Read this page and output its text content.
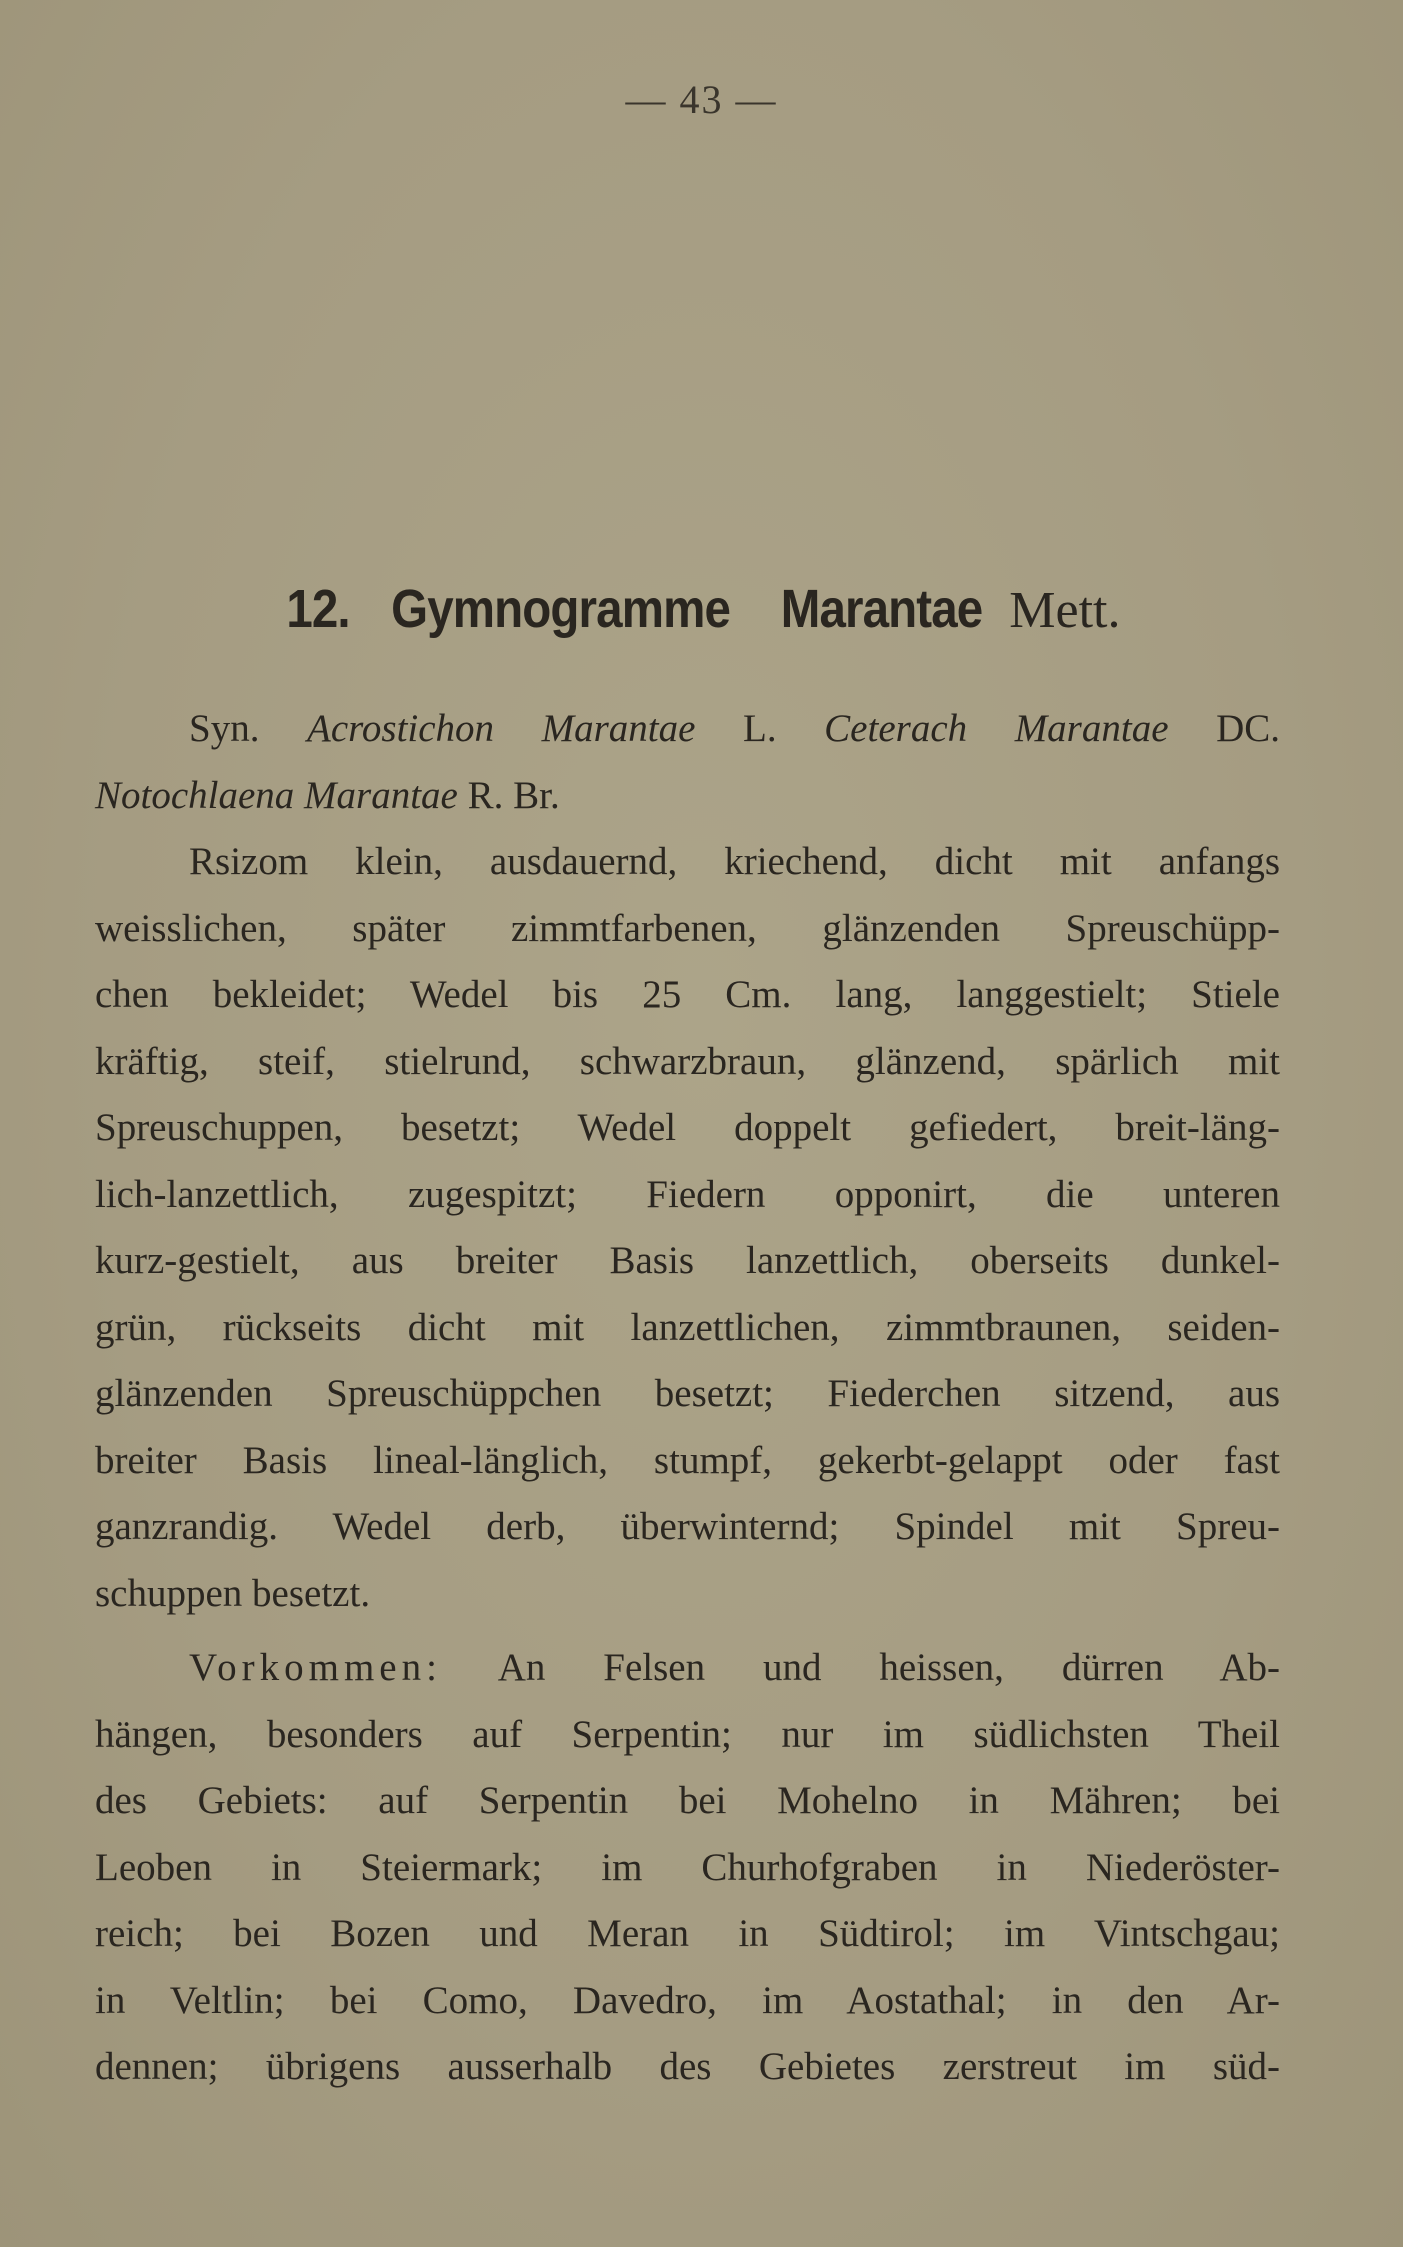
— 43 —
12. Gymnogramme Marantae Mett.
Syn. Acrostichon Marantae L. Ceterach Marantae DC.
Notochlaena Marantae R. Br.
Rsizom klein, ausdauernd, kriechend, dicht mit anfangs
weisslichen, später zimmtfarbenen, glänzenden Spreuschüpp-
chen bekleidet; Wedel bis 25 Cm. lang, langgestielt; Stiele
kräftig, steif, stielrund, schwarzbraun, glänzend, spärlich mit
Spreuschuppen, besetzt; Wedel doppelt gefiedert, breit-läng-
lich-lanzettlich, zugespitzt; Fiedern opponirt, die unteren
kurz-gestielt, aus breiter Basis lanzettlich, oberseits dunkel-
grün, rückseits dicht mit lanzettlichen, zimmtbraunen, seiden-
glänzenden Spreuschüppchen besetzt; Fiederchen sitzend, aus
breiter Basis lineal-länglich, stumpf, gekerbt-gelappt oder fast
ganzrandig. Wedel derb, überwinternd; Spindel mit Spreu-
schuppen besetzt.
Vorkommen: An Felsen und heissen, dürren Ab-
hängen, besonders auf Serpentin; nur im südlichsten Theil
des Gebiets: auf Serpentin bei Mohelno in Mähren; bei
Leoben in Steiermark; im Churhofgraben in Niederöster-
reich; bei Bozen und Meran in Südtirol; im Vintschgau;
in Veltlin; bei Como, Davedro, im Aostathal; in den Ar-
dennen; übrigens ausserhalb des Gebietes zerstreut im süd-
